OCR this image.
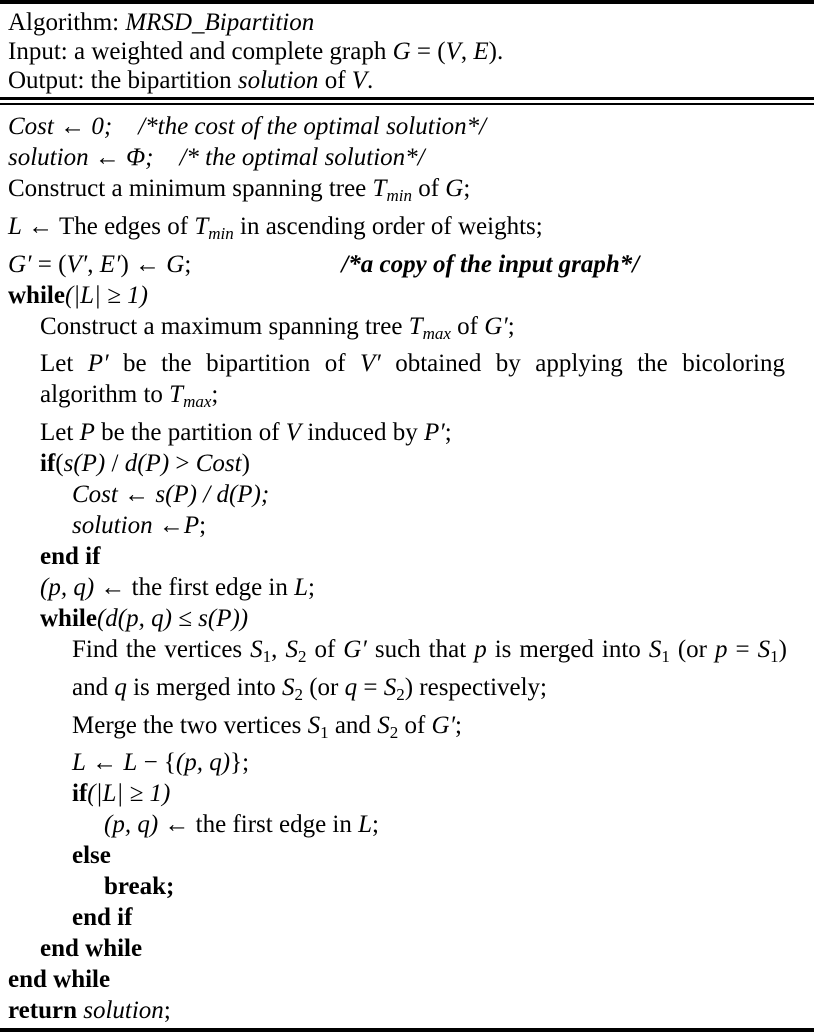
Algorithm: MRSD_Bipartition
Input: a weighted and complete graph G = (V, E).
Output: the bipartition solution of V.
Cost ← 0; /*the cost of the optimal solution*/
solution ← Φ; /* the optimal solution*/
Construct a minimum spanning tree $T_{min}$ of G;
L ← The edges of $T_{min}$ in ascending order of weights;
G′ = (V′, E′) ← G;	/*a copy of the input graph*/
while(|L| ≥ 1)
Construct a maximum spanning tree $T_{max}$ of G′;
Let P′ be the bipartition of V′ obtained by applying the bicoloring algorithm to $T_{max}$;
Let P be the partition of V induced by P′;
if(s(P) / d(P) > Cost)
Cost ← s(P) / d(P);
solution ←P;
end if
(p, q) ← the first edge in L;
while(d(p, q) ≤ s(P))
Find the vertices S1, S2 of G′ such that p is merged into S1 (or p = S1) and q is merged into S2 (or q = S2) respectively;
Merge the two vertices S1 and S2 of G′;
L ← L − {(p, q)};
if(|L| ≥ 1)
(p, q) ← the first edge in L;
else
break;
end if
end while
end while
return solution;
